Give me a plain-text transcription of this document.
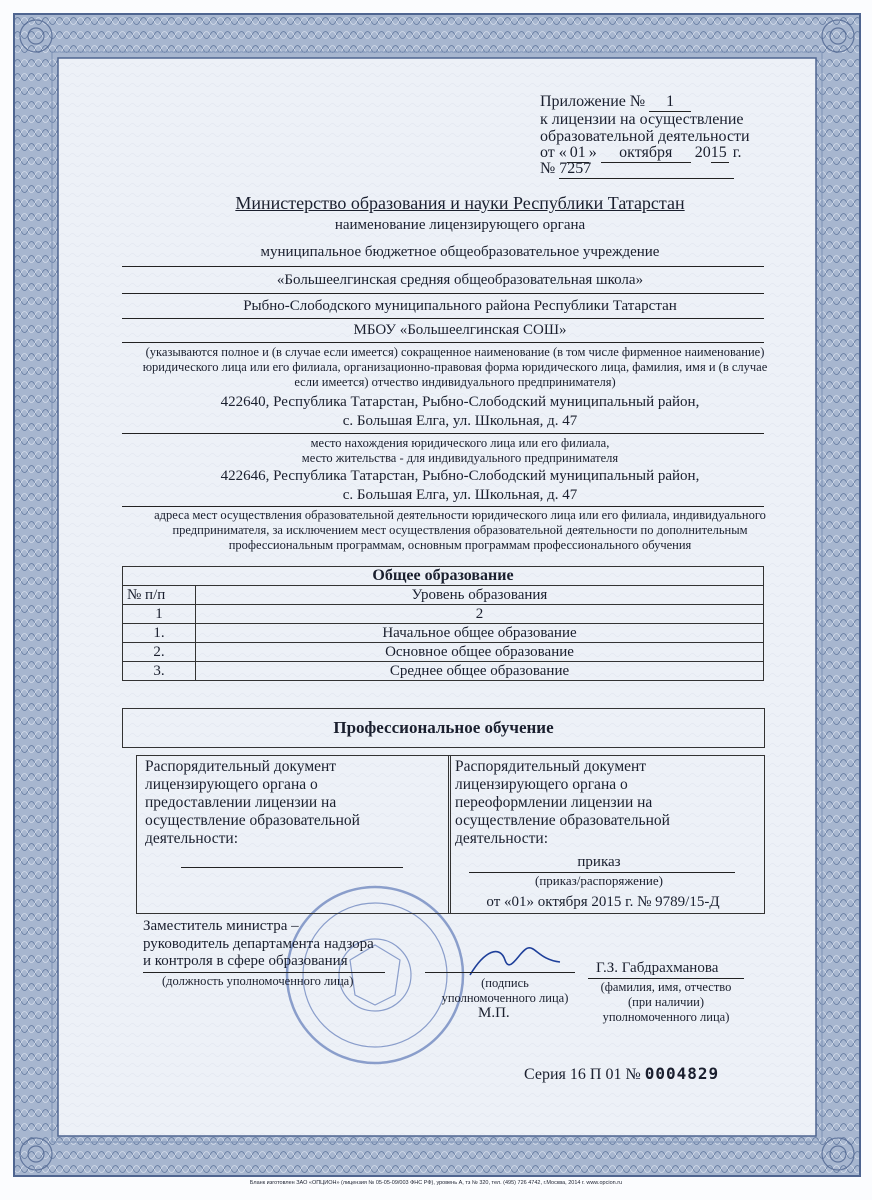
Приложение № 1
к лицензии на осуществление
образовательной деятельности
от « 01 » октября 2015 г.
№ 7257
Министерство образования и науки Республики Татарстан
наименование лицензирующего органа
муниципальное бюджетное общеобразовательное учреждение
«Большеелгинская средняя общеобразовательная школа»
Рыбно-Слободского муниципального района Республики Татарстан
МБОУ «Большеелгинская СОШ»
(указываются полное и (в случае если имеется) сокращенное наименование (в том числе фирменное наименование) юридического лица или его филиала, организационно-правовая форма юридического лица, фамилия, имя и (в случае если имеется) отчество индивидуального предпринимателя)
422640, Республика Татарстан, Рыбно-Слободский муниципальный район,
с. Большая Елга, ул. Школьная, д. 47
место нахождения юридического лица или его филиала,
место жительства - для индивидуального предпринимателя
422646, Республика Татарстан, Рыбно-Слободский муниципальный район,
с. Большая Елга, ул. Школьная, д. 47
адреса мест осуществления образовательной деятельности юридического лица или его филиала, индивидуального предпринимателя, за исключением мест осуществления образовательной деятельности по дополнительным профессиональным программам, основным программам профессионального обучения
Общее образование	
№ п/п	Уровень образования
1	2
1.	Начальное общее образование
2.	Основное общее образование
3.	Среднее общее образование
Профессиональное обучение
Распорядительный документ лицензирующего органа о предоставлении лицензии на осуществление образовательной деятельности:
Распорядительный документ лицензирующего органа о переоформлении лицензии на осуществление образовательной деятельности:
приказ
(приказ/распоряжение)
от «01» октября 2015 г. № 9789/15-Д
Заместитель министра –
руководитель департамента надзора
и контроля в сфере образования
(должность уполномоченного лица)	(подпись
уполномоченного лица)
М.П.
Г.З. Габдрахманова
(фамилия, имя, отчество
(при наличии)
уполномоченного лица)
Серия 16 П 01 № 0004829
Бланк изготовлен ЗАО «ОПЦИОН» (лицензия № 05-05-09/003 ФНС РФ), уровень А, тз № 320, тел. (495) 726 4742, г.Москва, 2014 г. www.opcion.ru
